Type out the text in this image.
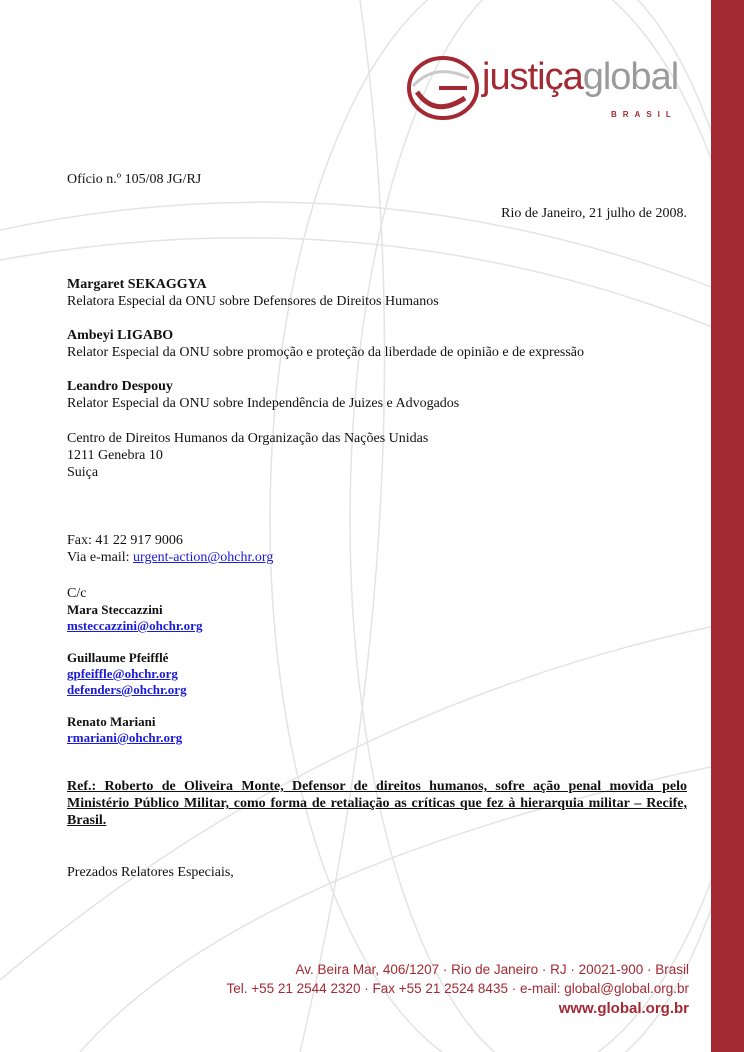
justiçaglobal
BRASIL
Ofício n.º 105/08 JG/RJ
Rio de Janeiro, 21 julho de 2008.
Margaret SEKAGGYA
Relatora Especial da ONU sobre Defensores de Direitos Humanos
Ambeyi LIGABO
Relator Especial da ONU sobre promoção e proteção da liberdade de opinião e de expressão
Leandro Despouy
Relator Especial da ONU sobre Independência de Juizes e Advogados
Centro de Direitos Humanos da Organização das Nações Unidas
1211 Genebra 10
Suiça
Fax: 41 22 917 9006
Via e-mail: urgent-action@ohchr.org
C/c
Mara Steccazzini
msteccazzini@ohchr.org
Guillaume Pfeifflé
gpfeiffle@ohchr.org
defenders@ohchr.org
Renato Mariani
rmariani@ohchr.org
Ref.: Roberto de Oliveira Monte, Defensor de direitos humanos, sofre ação penal movida pelo Ministério Público Militar, como forma de retaliação as críticas que fez à hierarquia militar – Recife, Brasil.
Prezados Relatores Especiais,
Av. Beira Mar, 406/1207 · Rio de Janeiro · RJ · 20021-900 · Brasil
Tel. +55 21 2544 2320 · Fax +55 21 2524 8435 · e-mail: global@global.org.br
www.global.org.br
